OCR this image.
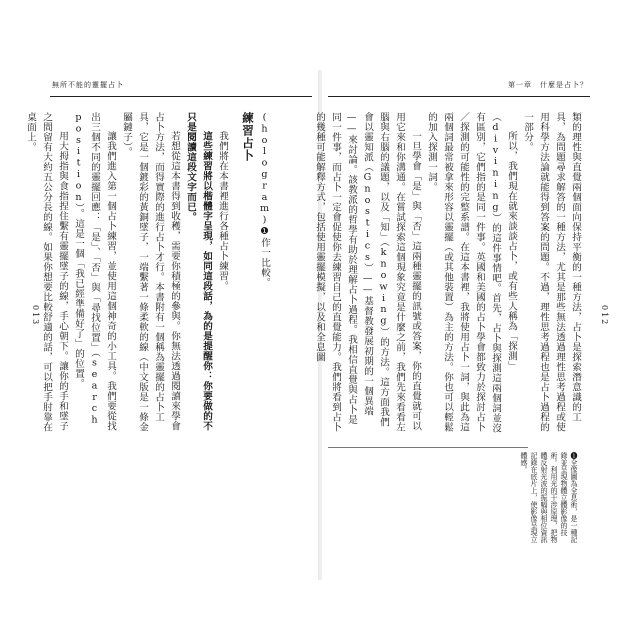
無所不能的靈擺占卜	第一章　什麼是占卜？
013	012

類的理性與直覺兩個面向保持平衡的一種方法，占卜是探索潛意識的工具，為問題尋求解答的一種方法，尤其是那些無法透過理性思考過程或使用科學方法論就能得到答案的問題。不過，理性思考過程也是占卜過程的一部分。

所以，我們現在就來談談占卜，或有些人稱為「探測」（divining）的這件事情吧。首先，占卜與探測這兩個詞並沒有區別，它們指的是同一件事。英國和美國的占卜學會都致力於探討占卜／探測的可能性的完整系譜。在這本書裡，我將使用占卜一詞，與此為這兩個詞最常被拿來形容以靈擺（或其他裝置）為主的方法。你也可以輕鬆的加入探測一詞。

一旦學會「是」與「否」這兩種靈擺的訊號或答案，你的直覺就可以用它來和你溝通。在嘗試探索這個現象究竟是什麼之前，我們先來看看左腦與右腦的議題，以及「知」（knowing）的方法。這方面我們會以靈知派（Gnostics）——基督教發展初期的一個異端——來討論。該教派的哲學有助於理解占卜過程。我相信直覺與占卜是同一件事，而占卜一定會促使你去練習自己的直覺能力。我們將看到占卜的幾種可能解釋方式，包括使用靈擺模擬，以及和全息圖

(hologram)❶作一比較。

練習占卜

我們將在本書裡進行各種占卜練習。

這些練習將以楷體字呈現，如同這段話，為的是提醒你：你要做的不只是閱讀這段文字而已。

若想從這本書得到收穫，需要你積極的參與。你無法透過閱讀來學會占卜方法，而得實際的進行占卜才行。本書附有一個稱為靈擺的占卜工具，它是一個鍍彩的黃銅墜子，一端繫著一條柔軟的線（中文版是一條金屬鏈子）。

讓我們進入第一個占卜練習，並使用這個神奇的小工具。我們要從找出三個不同的靈擺回應：「是」、「否」與「尋找位置」（search position）。這是一個「我已經準備好了」的位置。

用大拇指與食指捏住繫有靈擺墜子的線，手心朝下。讓你的手和墜子之間留有大約五公分長的線。如果你想要比較舒適的話，可以把手肘靠在桌面上。

❶全像圖為全息術，是一種記錄並呈現物體立體影像的技術。利用光的干涉原理，把物體反射光波的振幅與相位資訊記錄在底片上，使影像呈現立體感。
